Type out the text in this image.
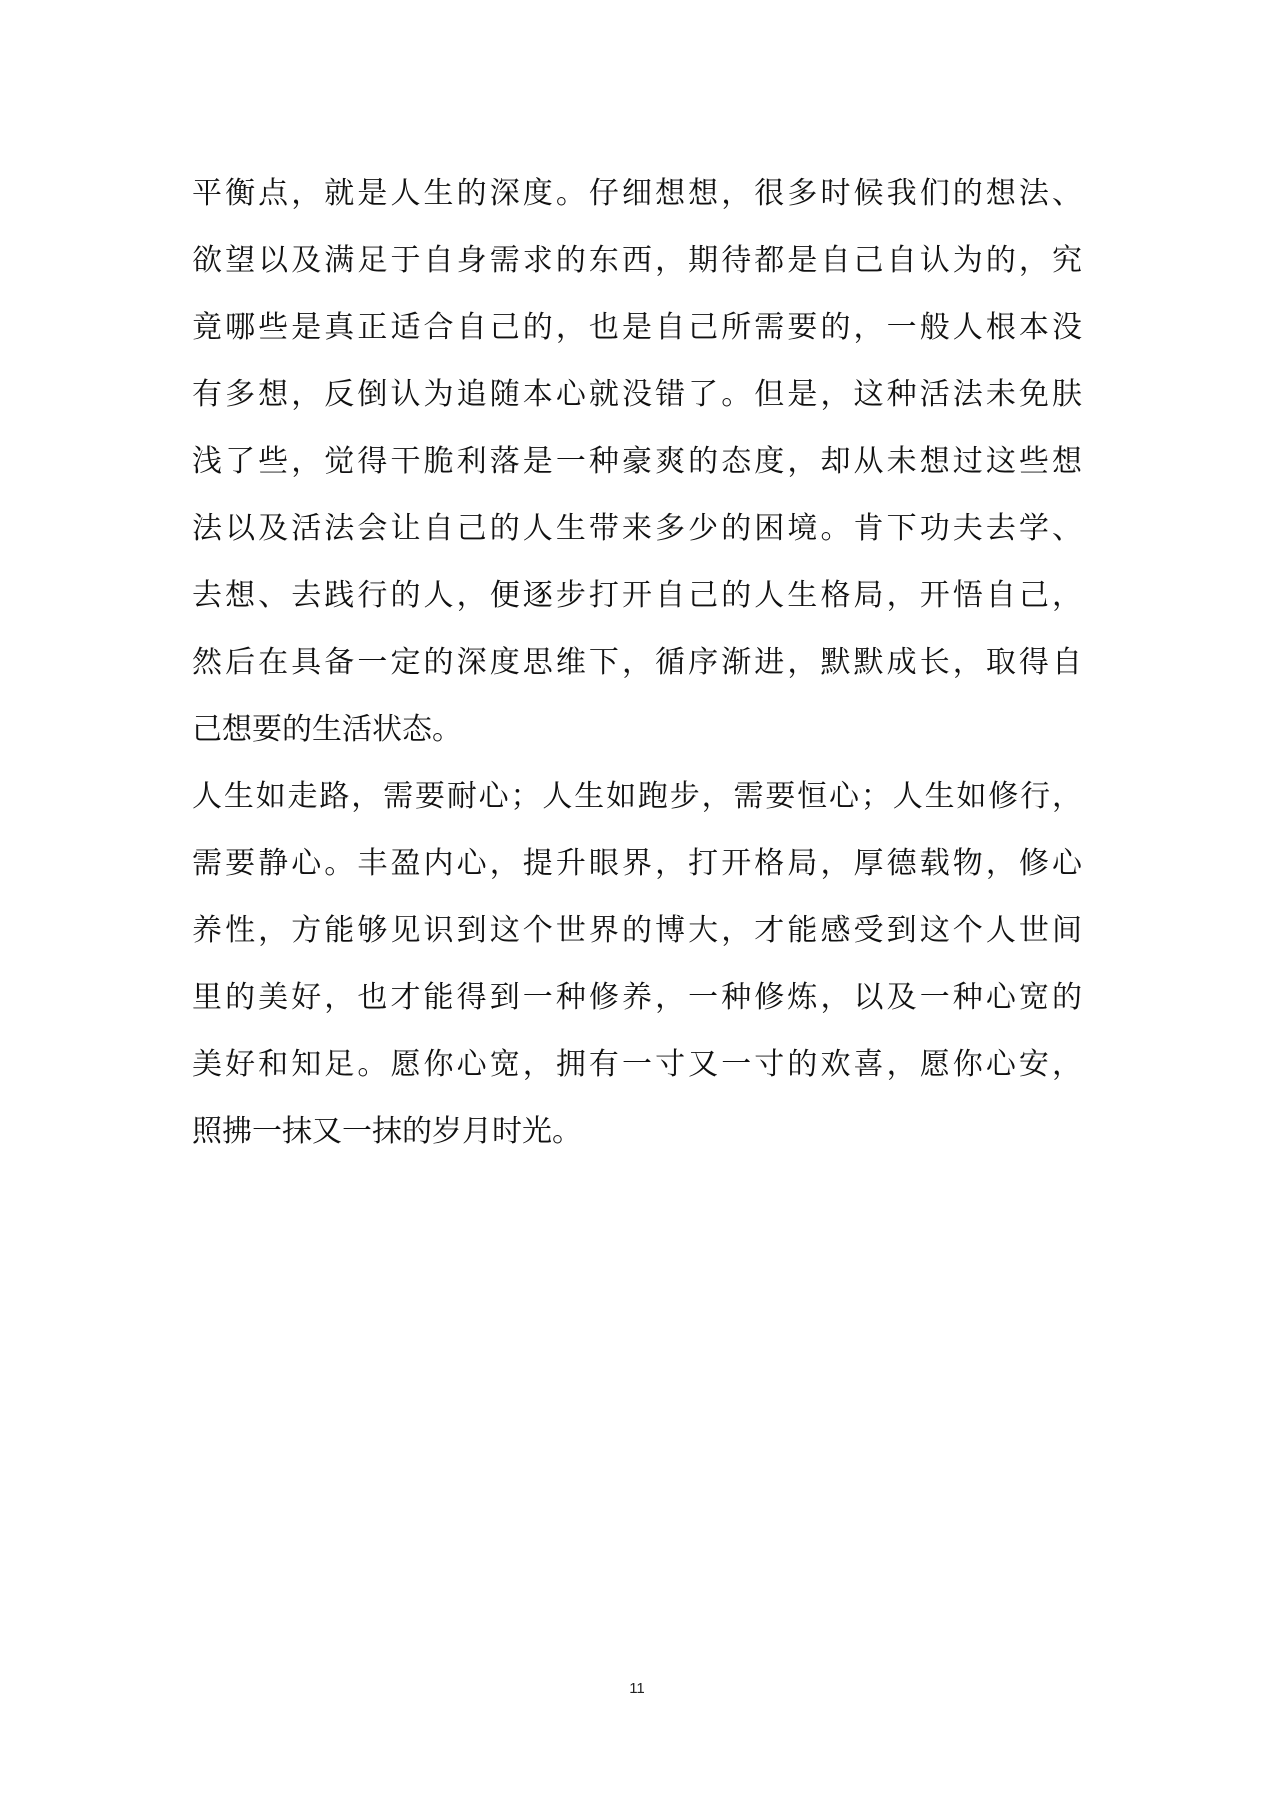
平衡点，就是人生的深度。仔细想想，很多时候我们的想法、
欲望以及满足于自身需求的东西，期待都是自己自认为的，究
竟哪些是真正适合自己的，也是自己所需要的，一般人根本没
有多想，反倒认为追随本心就没错了。但是，这种活法未免肤
浅了些，觉得干脆利落是一种豪爽的态度，却从未想过这些想
法以及活法会让自己的人生带来多少的困境。肯下功夫去学、
去想、去践行的人，便逐步打开自己的人生格局，开悟自己，
然后在具备一定的深度思维下，循序渐进，默默成长，取得自
己想要的生活状态。
人生如走路，需要耐心；人生如跑步，需要恒心；人生如修行，
需要静心。丰盈内心，提升眼界，打开格局，厚德载物，修心
养性，方能够见识到这个世界的博大，才能感受到这个人世间
里的美好，也才能得到一种修养，一种修炼，以及一种心宽的
美好和知足。愿你心宽，拥有一寸又一寸的欢喜，愿你心安，
照拂一抹又一抹的岁月时光。
11
